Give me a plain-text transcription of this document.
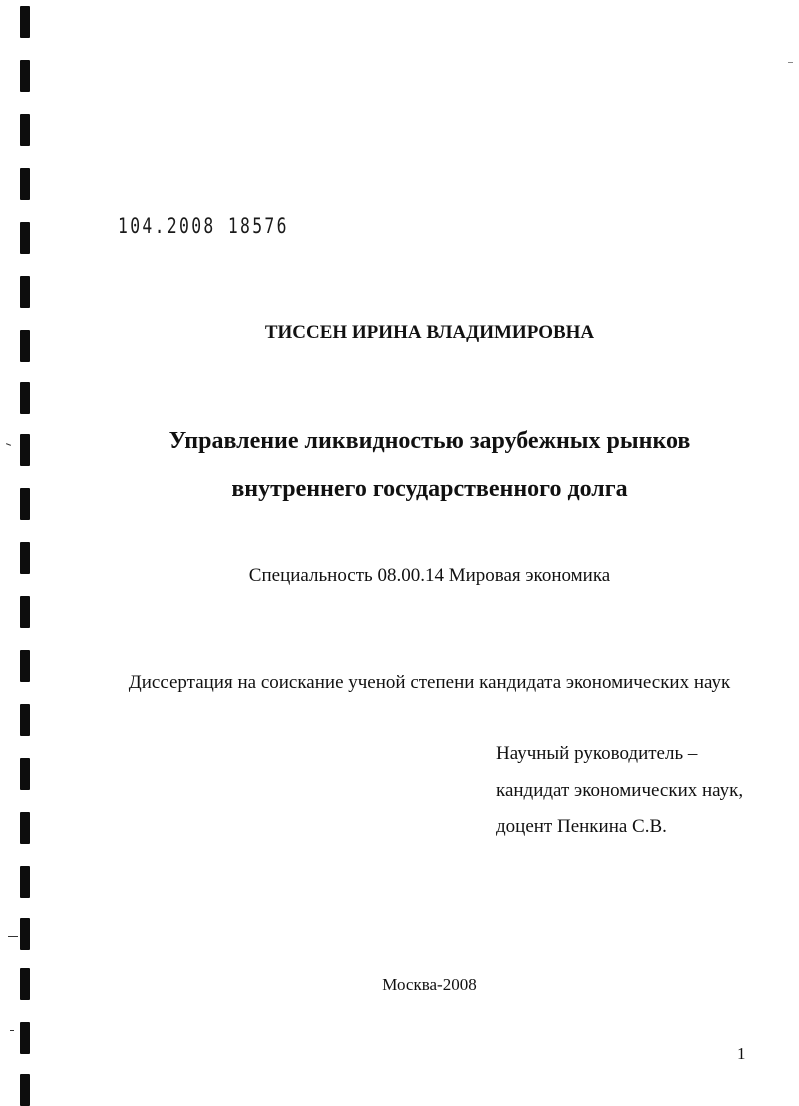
104.2008 18576
ТИССЕН ИРИНА ВЛАДИМИРОВНА
Управление ликвидностью зарубежных рынков
внутреннего государственного долга
Специальность 08.00.14 Мировая экономика
Диссертация на соискание ученой степени кандидата экономических наук
Научный руководитель –
кандидат экономических наук,
доцент Пенкина С.В.
Москва-2008
1
